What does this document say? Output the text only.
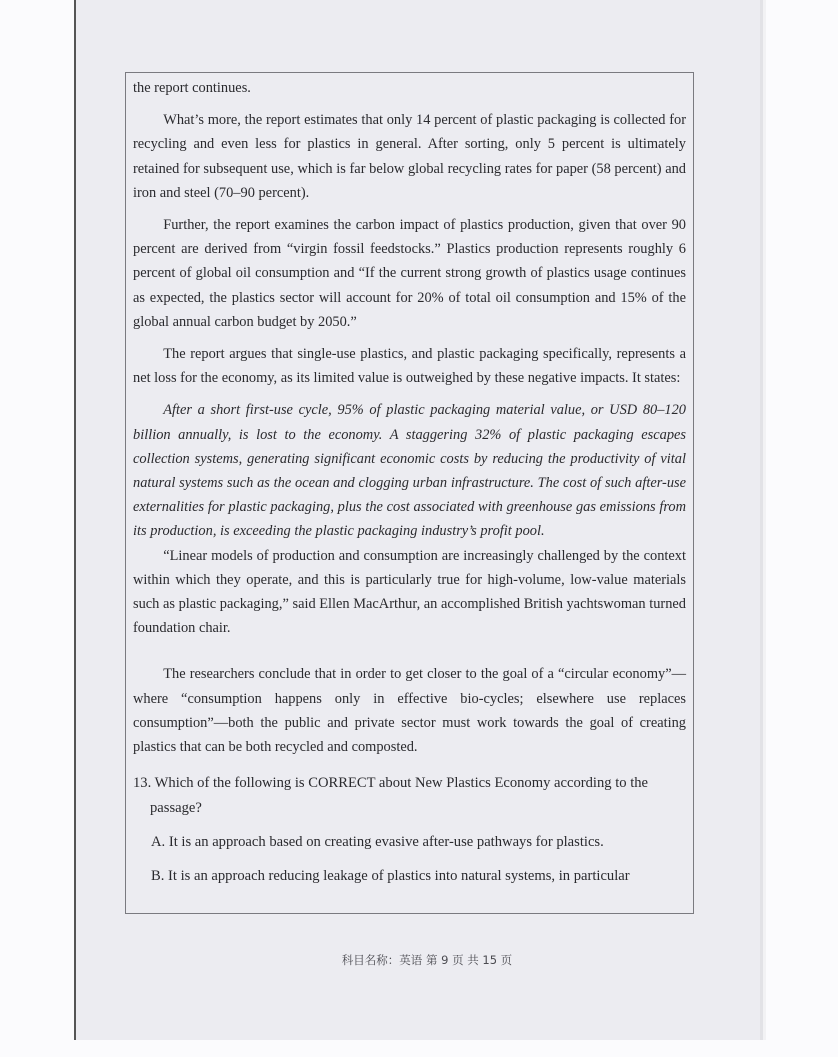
the report continues.

What’s more, the report estimates that only 14 percent of plastic packaging is collected for recycling and even less for plastics in general. After sorting, only 5 percent is ultimately retained for subsequent use, which is far below global recycling rates for paper (58 percent) and iron and steel (70–90 percent).

Further, the report examines the carbon impact of plastics production, given that over 90 percent are derived from “virgin fossil feedstocks.” Plastics production represents roughly 6 percent of global oil consumption and “If the current strong growth of plastics usage continues as expected, the plastics sector will account for 20% of total oil consumption and 15% of the global annual carbon budget by 2050.”

The report argues that single-use plastics, and plastic packaging specifically, represents a net loss for the economy, as its limited value is outweighed by these negative impacts. It states:

After a short first-use cycle, 95% of plastic packaging material value, or USD 80–120 billion annually, is lost to the economy. A staggering 32% of plastic packaging escapes collection systems, generating significant economic costs by reducing the productivity of vital natural systems such as the ocean and clogging urban infrastructure. The cost of such after-use externalities for plastic packaging, plus the cost associated with greenhouse gas emissions from its production, is exceeding the plastic packaging industry’s profit pool.

“Linear models of production and consumption are increasingly challenged by the context within which they operate, and this is particularly true for high-volume, low-value materials such as plastic packaging,” said Ellen MacArthur, an accomplished British yachtswoman turned foundation chair.

The researchers conclude that in order to get closer to the goal of a “circular economy”—where “consumption happens only in effective bio-cycles; elsewhere use replaces consumption”—both the public and private sector must work towards the goal of creating plastics that can be both recycled and composted.

13. Which of the following is CORRECT about New Plastics Economy according to the passage?

A. It is an approach based on creating evasive after-use pathways for plastics.

B. It is an approach reducing leakage of plastics into natural systems, in particular

科目名称：英语 第 9 页 共 15 页
